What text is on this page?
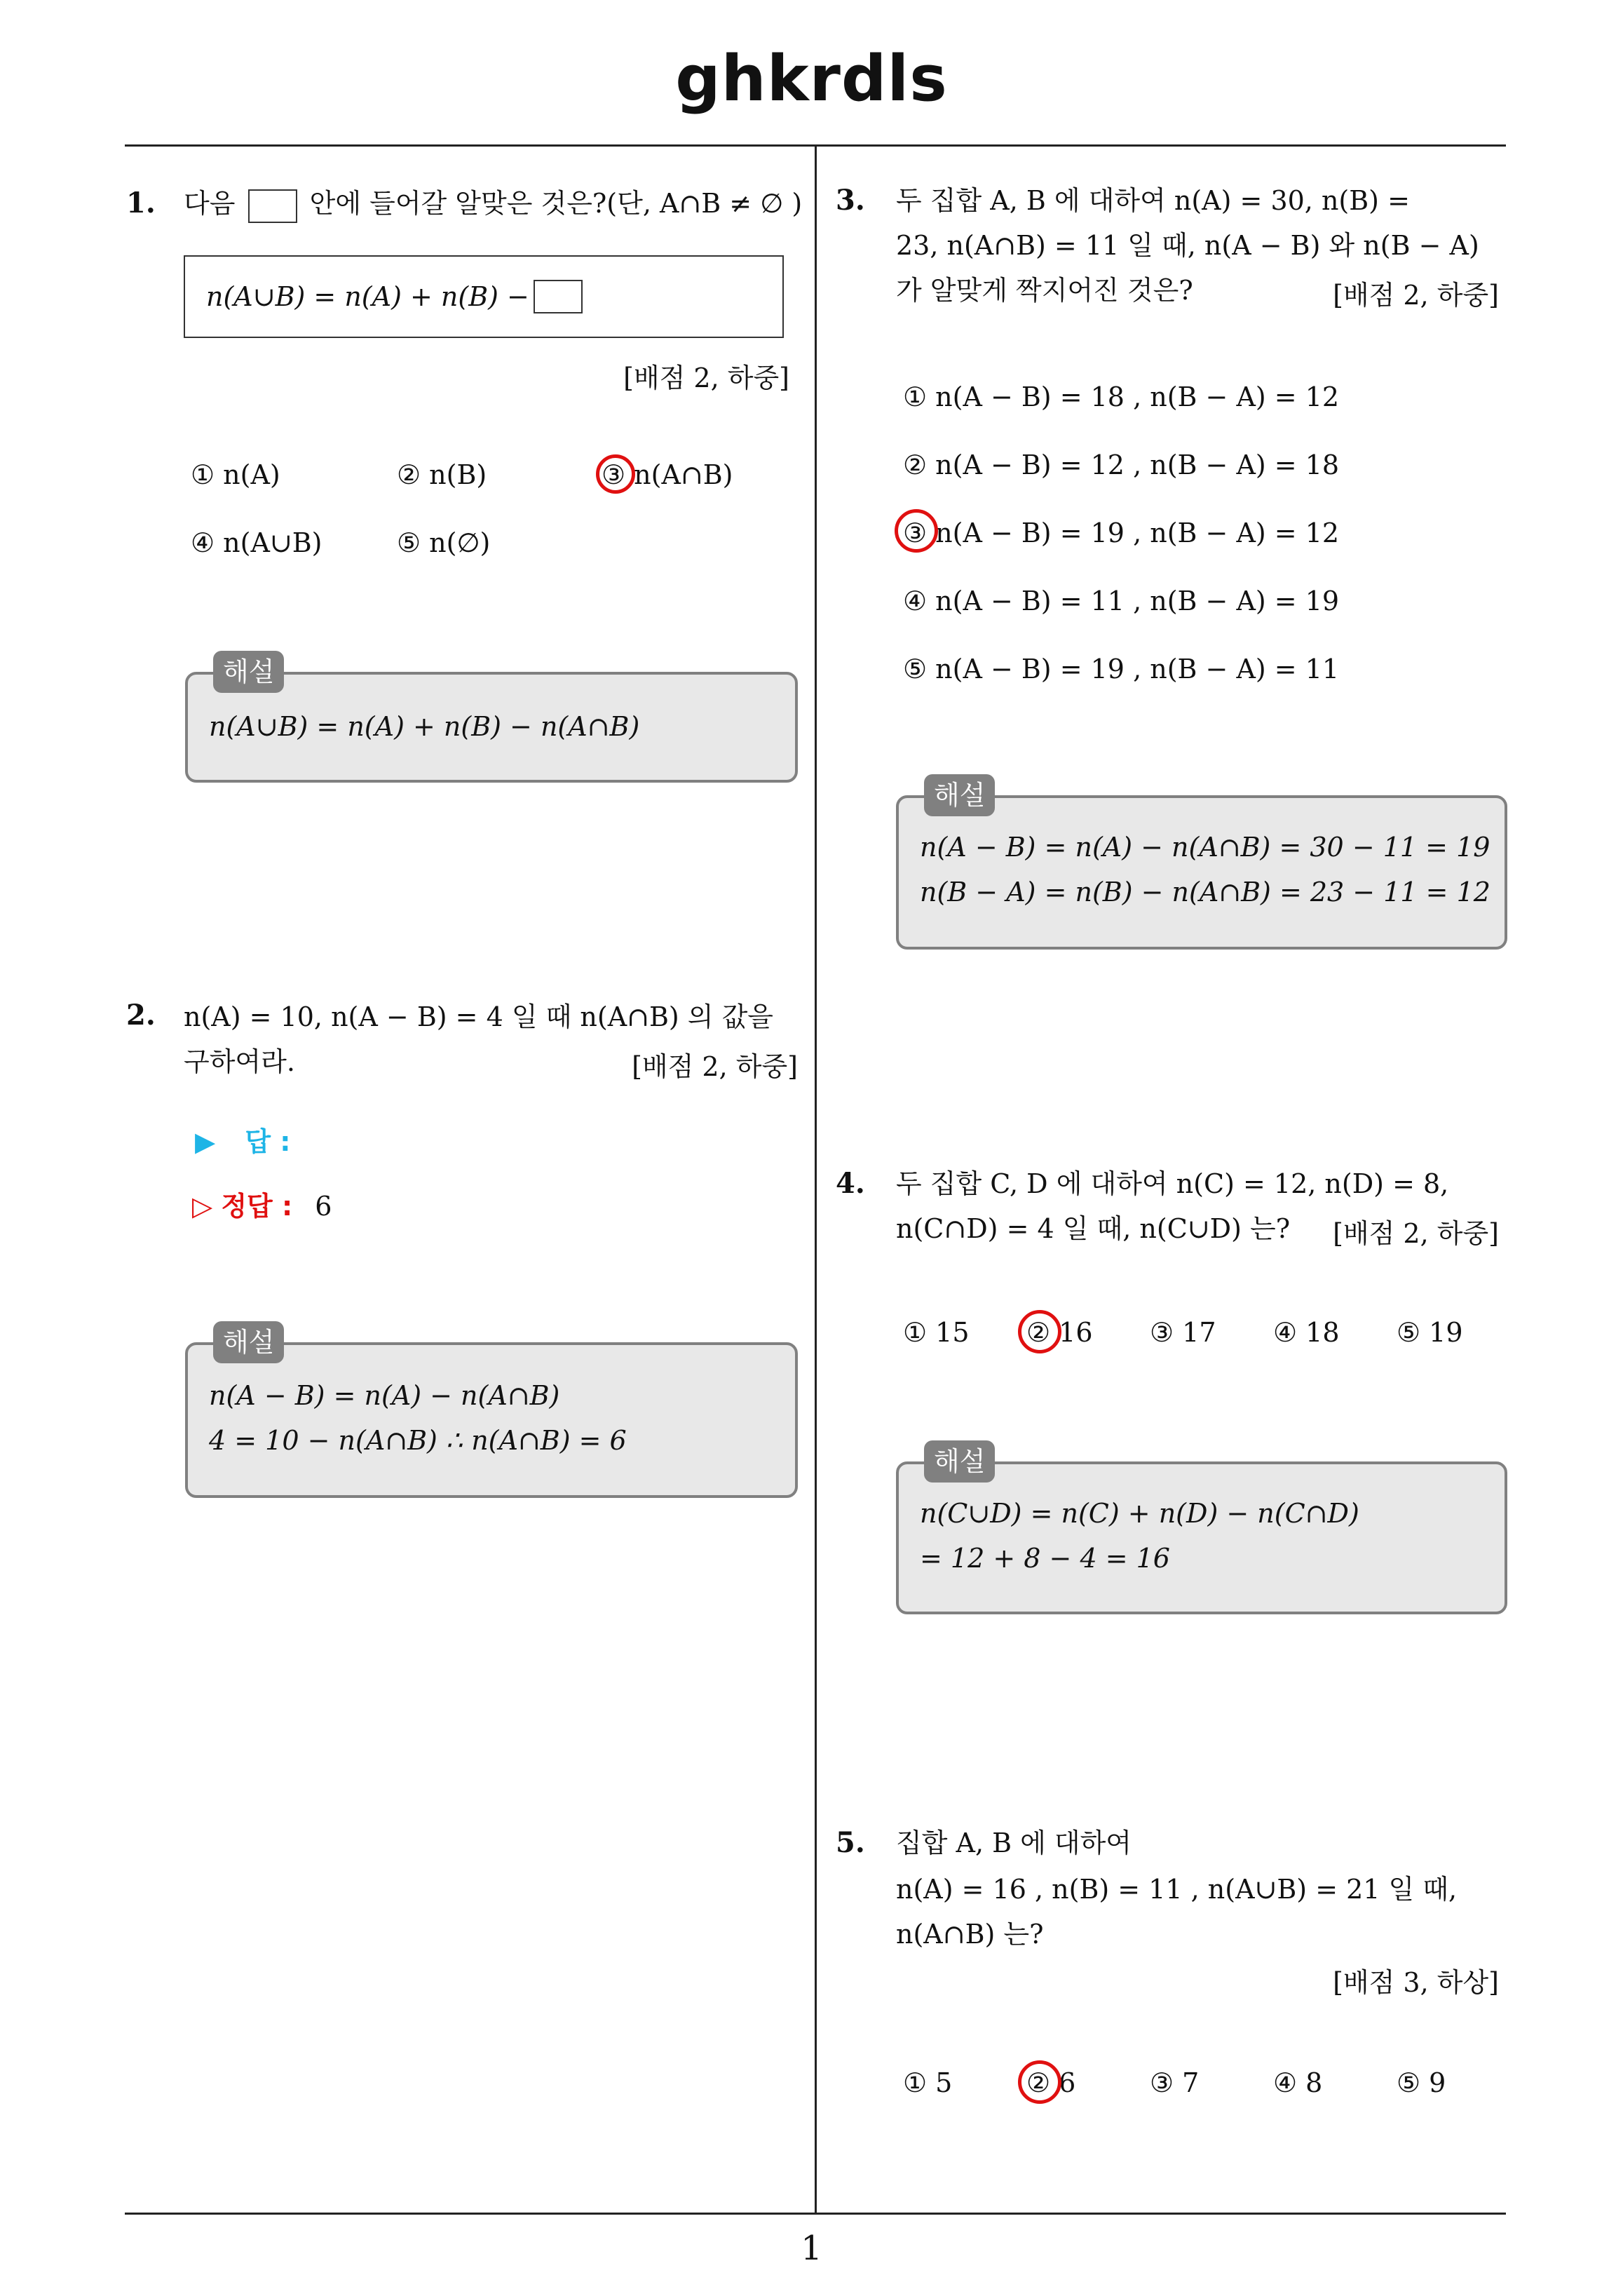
ghkrdls
1
1. 다음	안에 들어갈 알맞은 것은?(단, A∩B ≠ ∅ )
n(A∪B) = n(A) + n(B) −
[배점 2, 하중]
① n(A)	② n(B)	③ n(A∩B)
④ n(A∪B)	⑤ n(∅)
해설
n(A∪B) = n(A) + n(B) − n(A∩B)
2. n(A) = 10, n(A − B) = 4 일 때 n(A∩B) 의 값을
구하여라.	[배점 2, 하중]
▶ 답 :
▷ 정답 : 6
해설
n(A − B) = n(A) − n(A∩B)
4 = 10 − n(A∩B) ∴ n(A∩B) = 6
3. 두 집합 A, B 에 대하여 n(A) = 30, n(B) =
23, n(A∩B) = 11 일 때, n(A − B) 와 n(B − A)
가 알맞게 짝지어진 것은?	[배점 2, 하중]
① n(A − B) = 18 , n(B − A) = 12
② n(A − B) = 12 , n(B − A) = 18
③ n(A − B) = 19 , n(B − A) = 12
④ n(A − B) = 11 , n(B − A) = 19
⑤ n(A − B) = 19 , n(B − A) = 11
해설
n(A − B) = n(A) − n(A∩B) = 30 − 11 = 19
n(B − A) = n(B) − n(A∩B) = 23 − 11 = 12
4. 두 집합 C, D 에 대하여 n(C) = 12, n(D) = 8,
n(C∩D) = 4 일 때, n(C∪D) 는?	[배점 2, 하중]
① 15 ② 16 ③ 17 ④ 18 ⑤ 19
해설
n(C∪D) = n(C) + n(D) − n(C∩D)
= 12 + 8 − 4 = 16
5. 집합 A, B 에 대하여
n(A) = 16 , n(B) = 11 , n(A∪B) = 21 일 때,
n(A∩B) 는?
[배점 3, 하상]
① 5	② 6	③ 7	④ 8	⑤ 9
